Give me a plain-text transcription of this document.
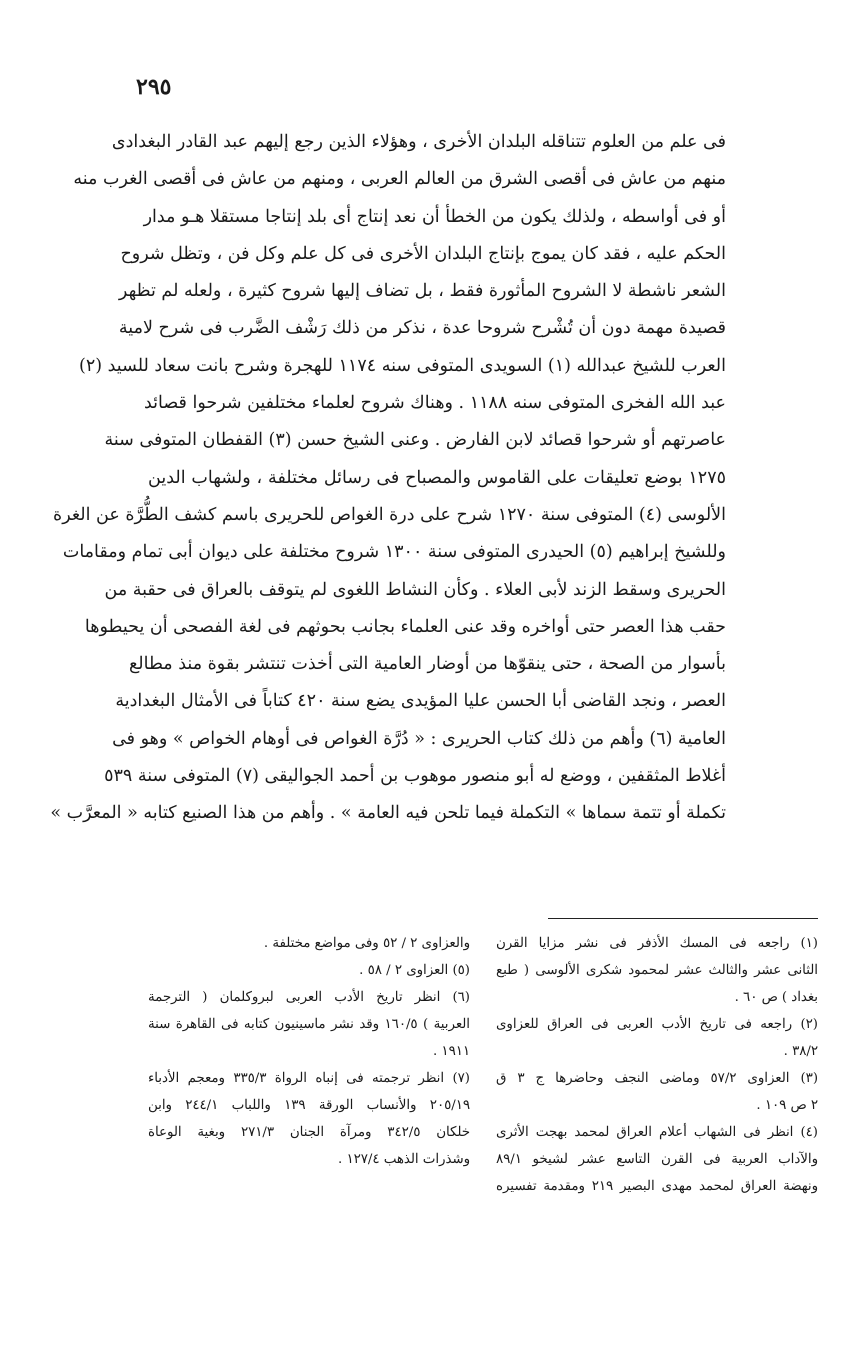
٢٩٥
فى علم من العلوم تتناقله البلدان الأخرى ، وهؤلاء الذين رجع إليهم عبد القادر البغدادى
منهم من عاش فى أقصى الشرق من العالم العربى ، ومنهم من عاش فى أقصى الغرب منه
أو فى أواسطه ، ولذلك يكون من الخطأ أن نعد إنتاج أى بلد إنتاجا مستقلا هـو مدار
الحكم عليه ، فقد كان يموج بإنتاج البلدان الأخرى فى كل علم وكل فن ، وتظل شروح
الشعر ناشطة لا الشروح المأثورة فقط ، بل تضاف إليها شروح كثيرة ، ولعله لم تظهر
قصيدة مهمة دون أن تُشْرح شروحا عدة ، نذكر من ذلك رَشْف الضَّرب فى شرح لامية
العرب للشيخ عبدالله (١) السويدى المتوفى سنه ١١٧٤ للهجرة وشرح بانت سعاد للسيد (٢)
عبد الله الفخرى المتوفى سنه ١١٨٨ . وهناك شروح لعلماء مختلفين شرحوا قصائد
عاصرتهم أو شرحوا قصائد لابن الفارض . وعنى الشيخ حسن (٣) القفطان المتوفى سنة
١٢٧٥ بوضع تعليقات على القاموس والمصباح فى رسائل مختلفة ، ولشهاب الدين
الألوسى (٤) المتوفى سنة ١٢٧٠ شرح على درة الغواص للحريرى باسم كشف الطُّرَّة عن الغرة
وللشيخ إبراهيم (٥) الحيدرى المتوفى سنة ١٣٠٠ شروح مختلفة على ديوان أبى تمام ومقامات
الحريرى وسقط الزند لأبى العلاء . وكأن النشاط اللغوى لم يتوقف بالعراق فى حقبة من
حقب هذا العصر حتى أواخره وقد عنى العلماء بجانب بحوثهم فى لغة الفصحى أن يحيطوها
بأسوار من الصحة ، حتى ينقوّها من أوضار العامية التى أخذت تنتشر بقوة منذ مطالع
العصر ، ونجد القاضى أبا الحسن عليا المؤيدى يضع سنة ٤٢٠ كتاباً فى الأمثال البغدادية
العامية (٦) وأهم من ذلك كتاب الحريرى : « دُرَّة الغواص فى أوهام الخواص » وهو فى
أغلاط المثقفين ، ووضع له أبو منصور موهوب بن أحمد الجواليقى (٧) المتوفى سنة ٥٣٩
تكملة أو تتمة سماها » التكملة فيما تلحن فيه العامة » . وأهم من هذا الصنيع كتابه « المعرَّب »
(١) راجعه فى المسك الأذفر فى نشر مزايا القرن
الثانى عشر والثالث عشر لمحمود شكرى الألوسى ( طبع
بغداد ) ص ٦٠ .
(٢) راجعه فى تاريخ الأدب العربى فى العراق للعزاوى
٣٨/٢ .
(٣) العزاوى ٥٧/٢ وماضى النجف وحاضرها ج ٣ ق
٢ ص ١٠٩ .
(٤) انظر فى الشهاب أعلام العراق لمحمد بهجت الأثرى
والآداب العربية فى القرن التاسع عشر لشيخو ٨٩/١
ونهضة العراق لمحمد مهدى البصير ٢١٩ ومقدمة تفسيره
والعزاوى ٢ / ٥٢ وفى مواضع مختلفة .
(٥) العزاوى ٢ / ٥٨ .
(٦) انظر تاريخ الأدب العربى لبروكلمان ( الترجمة
العربية ) ١٦٠/٥ وقد نشر ماسينيون كتابه فى القاهرة سنة
١٩١١ .
(٧) انظر ترجمته فى إنباه الرواة ٣٣٥/٣ ومعجم الأدباء
٢٠٥/١٩ والأنساب الورقة ١٣٩ واللباب ٢٤٤/١ وابن
خلكان ٣٤٢/٥ ومرآة الجنان ٢٧١/٣ وبغية الوعاة
وشذرات الذهب ١٢٧/٤ .
